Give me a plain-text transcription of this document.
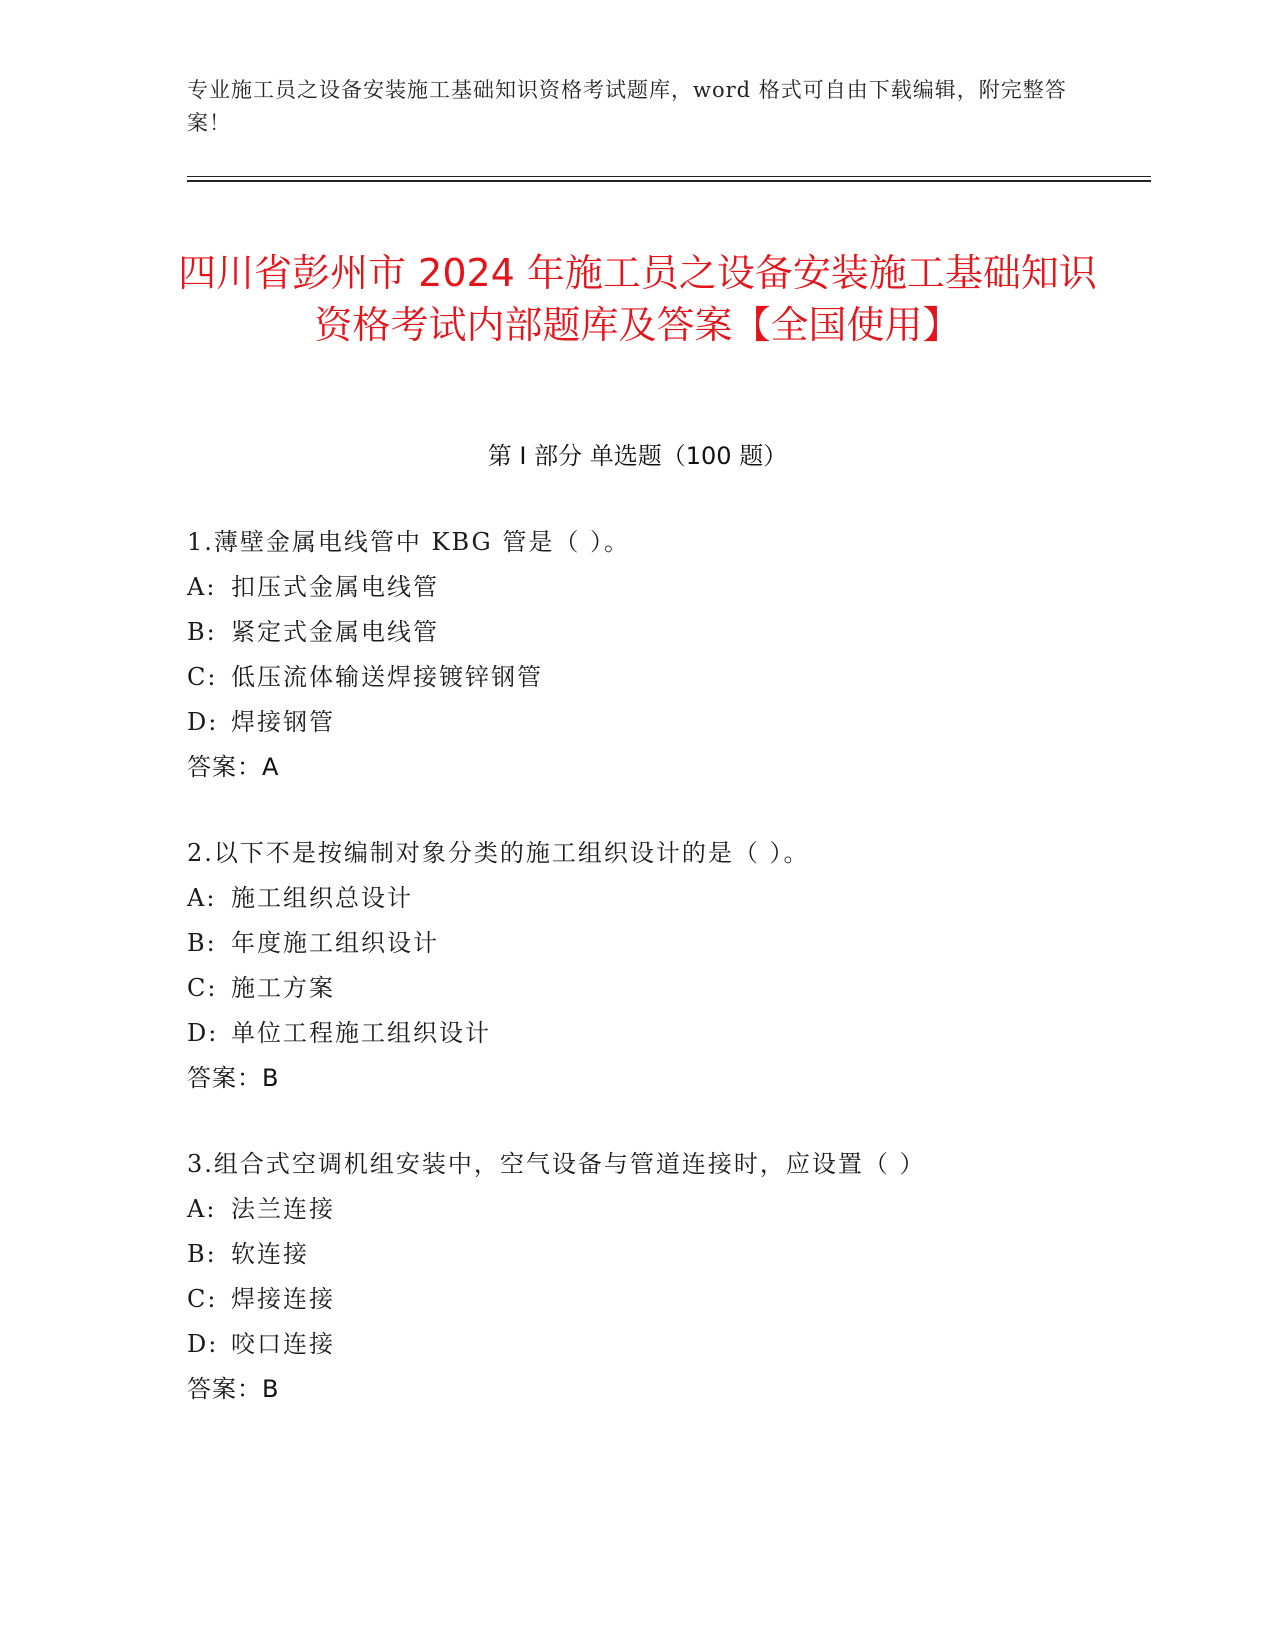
专业施工员之设备安装施工基础知识资格考试题库，word 格式可自由下载编辑，附完整答案！
四川省彭州市 2024 年施工员之设备安装施工基础知识资格考试内部题库及答案【全国使用】
第 I 部分 单选题（100 题）
1.薄壁金属电线管中 KBG 管是（ ）。
A: 扣压式金属电线管
B: 紧定式金属电线管
C: 低压流体输送焊接镀锌钢管
D: 焊接钢管
答案：A
2.以下不是按编制对象分类的施工组织设计的是（ ）。
A: 施工组织总设计
B: 年度施工组织设计
C: 施工方案
D: 单位工程施工组织设计
答案：B
3.组合式空调机组安装中，空气设备与管道连接时，应设置（ ）
A: 法兰连接
B: 软连接
C: 焊接连接
D: 咬口连接
答案：B
